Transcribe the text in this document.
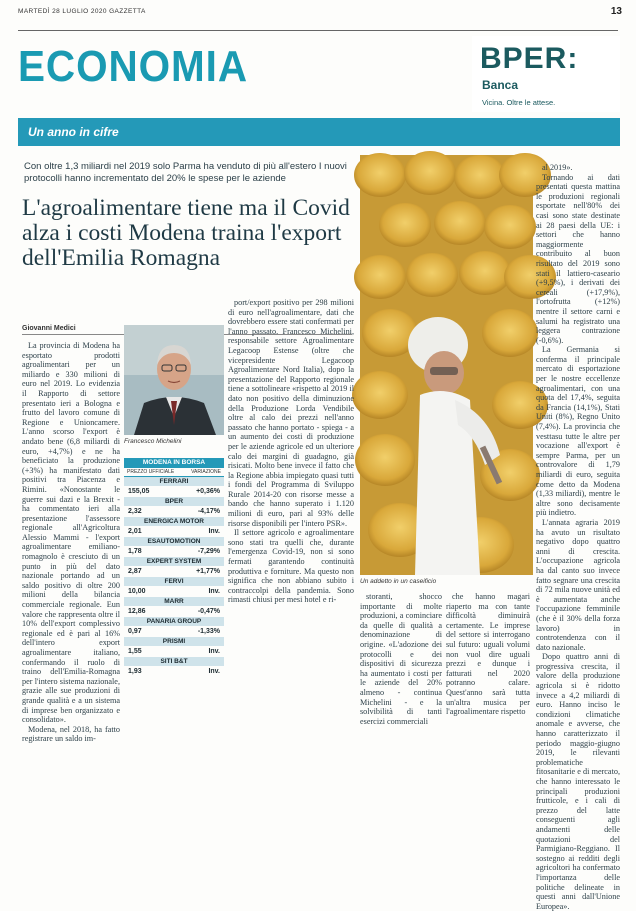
MARTEDÌ 28 LUGLIO 2020 GAZZETTA	13
ECONOMIA	BPER:
Banca
Vicina. Oltre le attese.
Un anno in cifre
Con oltre 1,3 miliardi nel 2019 solo Parma ha venduto di più all'estero I nuovi protocolli hanno incrementato del 20% le spese per le aziende
L'agroalimentare tiene ma il Covid alza i costi Modena traina l'export dell'Emilia Romagna
Un addetto in un caseificio
Giovanni Medici

La provincia di Modena ha esportato prodotti agroalimentari per un miliardo e 330 milioni di euro nel 2019. Lo evidenzia il Rapporto di settore presentato ieri a Bologna e frutto del lavoro comune di Regione e Unioncamere. L'anno scorso l'export è andato bene (6,8 miliardi di euro, +4,7%) e ne ha beneficiato la produzione (+3%) ha manifestato dati positivi tra Piacenza e Rimini. «Nonostante le guerre sui dazi e la Brexit - ha commentato ieri alla presentazione l'assessore regionale all'Agricoltura Alessio Mammi - l'export agroalimentare emiliano-romagnolo è cresciuto di un punto in più del dato nazionale portando ad un saldo positivo di oltre 200 milioni della bilancia commerciale regionale. Eun valore che rappresenta oltre il 10% dell'export complessivo regionale ed è pari al 16% dell'intero export agroalimentare italiano, confermando il ruolo di traino dell'Emilia-Romagna per l'intero sistema nazionale, grazie alle sue produzioni di grande qualità e a un sistema di imprese ben organizzato e consolidato».

Modena, nel 2018, ha fatto registrare un saldo im-

Francesco Michelini
MODENA IN BORSA
PREZZO UFFICIALE	VARIAZIONE
FERRARI
155,05	+0,36%
BPER
2,32	-4,17%
ENERGICA MOTOR
2,01	Inv.
ESAUTOMOTION
1,78	-7,29%
EXPERT SYSTEM
2,87	+1,77%
FERVI
10,00	Inv.
MARR
12,86	-0,47%
PANARIA GROUP
0,97	-1,33%
PRISMI
1,55	Inv.
SITI B&T
1,93	Inv.

port/export positivo per 298 milioni di euro nell'agroalimentare, dati che dovrebbero essere stati confermati per l'anno passato. Francesco Michelini, responsabile settore Agroalimentare Legacoop Estense (oltre che vicepresidente Legacoop Agroalimentare Nord Italia), dopo la presentazione del Rapporto regionale tiene a sottolineare «rispetto al 2019 il dato non positivo della diminuzione della Produzione Lorda Vendibile oltre al calo dei prezzi nell'anno passato che hanno portato - spiega - a un aumento dei costi di produzione per le aziende agricole ed un ulteriore calo dei margini di guadagno, già risicati. Molto bene invece il fatto che la Regione abbia impiegato quasi tutti i fondi del Programma di Sviluppo Rurale 2014-20 con risorse messe a bando che hanno superato i 1.120 milioni di euro, pari al 93% delle risorse disponibili per l'intero PSR».

Il settore agricolo e agroalimentare sono stati tra quelli che, durante l'emergenza Covid-19, non si sono fermati garantendo continuità produttiva e forniture. Ma questo non significa che non abbiano subito i contraccolpi della pandemia. Sono rimasti chiusi per mesi hotel e ri-	storanti, shocco importante di molte produzioni, a cominciare da quelle di qualità a denominazione di origine. «L'adozione dei protocolli e dei dispositivi di sicurezza ha aumentato i costi per le aziende del 20% almeno - continua Michelini - e la solvibilità di tanti esercizi commerciali

che hanno magari riaperto ma con tante difficoltà diminuirà certamente. Le imprese del settore si interrogano sul futuro: uguali volumi non vuol dire uguali prezzi e dunque i fatturati nel 2020 potranno calare. Quest'anno sarà tutta un'altra musica per l'agroalimentare rispetto

al 2019».

Tornando ai dati presentati questa mattina le produzioni regionali esportate nell'80% dei casi sono state destinate ai 28 paesi della UE: i settori che hanno maggiormente contribuito al buon risultato del 2019 sono stati il lattiero-caseario (+9,5%), i derivati dei cereali (+17,9%), l'ortofrutta (+12%) mentre il settore carni e salumi ha registrato una leggera contrazione (-0,6%).

La Germania si conferma il principale mercato di esportazione per le nostre eccellenze agroalimentari, con una quota del 17,4%, seguita da Francia (14,1%), Stati Uniti (8%), Regno Unito (7,4%). La provincia che vesttasu tutte le altre per vocazione all'export è sempre Parma, per un controvalore di 1,79 miliardi di euro, seguita come detto da Modena (1,33 miliardi), mentre le altre sono decisamente più indietro.

L'annata agraria 2019 ha avuto un risultato negativo dopo quattro anni di crescita. L'occupazione agricola ha dal canto suo invece fatto segnare una crescita di 72 mila nuove unità ed è aumentata anche l'occupazione femminile (che è il 30% della forza lavoro) in controtendenza con il dato nazionale.

Dopo quattro anni di progressiva crescita, il valore della produzione agricola si è ridotto invece a 4,2 miliardi di euro. Hanno inciso le condizioni climatiche anomale e avverse, che hanno caratterizzato il periodo maggio-giugno 2019, le rilevanti problematiche fitosanitarie e di mercato, che hanno interessato le principali produzioni frutticole, e i cali di prezzo del latte conseguenti agli andamenti delle quotazioni del Parmigiano-Reggiano. Il sostegno ai redditi degli agricoltori ha confermato l'importanza delle politiche delineate in questi anni dall'Unione Europea».
